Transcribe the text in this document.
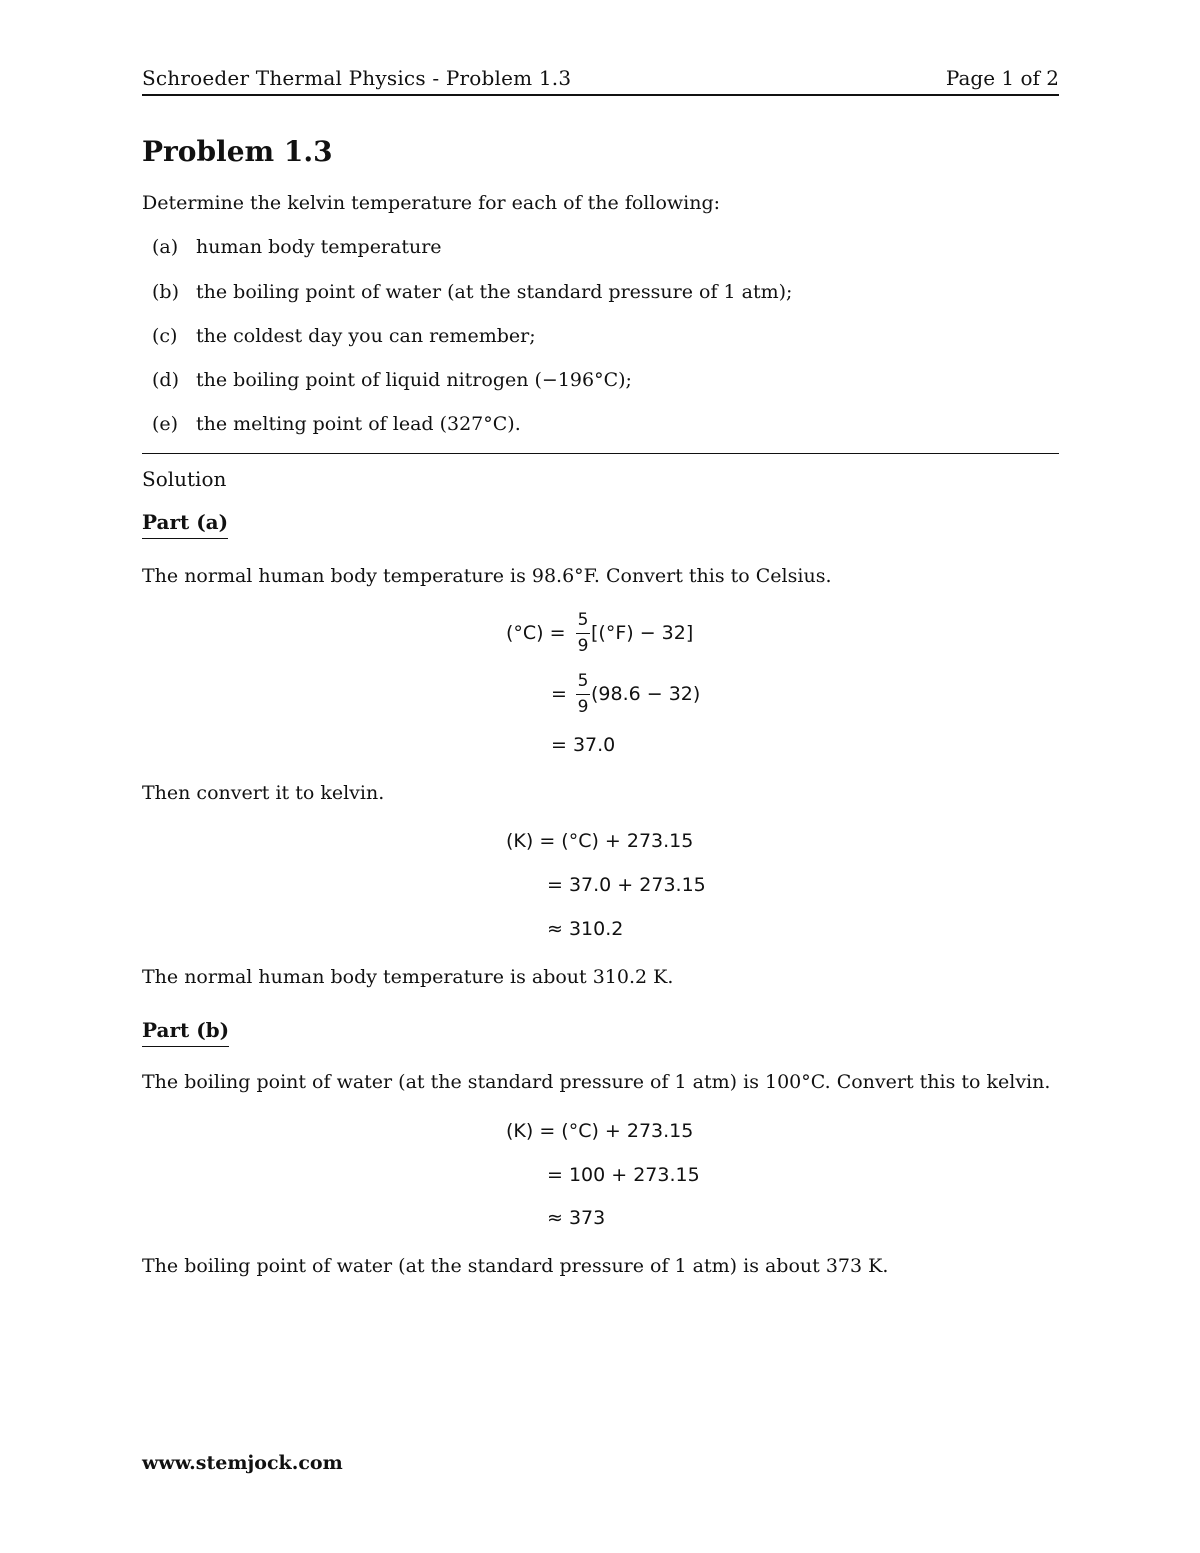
Schroeder Thermal Physics - Problem 1.3	Page 1 of 2
Problem 1.3
Determine the kelvin temperature for each of the following:
(a) human body temperature
(b) the boiling point of water (at the standard pressure of 1 atm);
(c) the coldest day you can remember;
(d) the boiling point of liquid nitrogen (−196°C);
(e) the melting point of lead (327°C).
Solution
Part (a)
The normal human body temperature is 98.6°F. Convert this to Celsius.
(°C) =
5
9
[(°F) − 32]
=
5
9
(98.6 − 32)
= 37.0
Then convert it to kelvin.
(K) = (°C) + 273.15
= 37.0 + 273.15
≈ 310.2
The normal human body temperature is about 310.2 K.
Part (b)
The boiling point of water (at the standard pressure of 1 atm) is 100°C. Convert this to kelvin.
(K) = (°C) + 273.15
= 100 + 273.15
≈ 373
The boiling point of water (at the standard pressure of 1 atm) is about 373 K.
www.stemjock.com
